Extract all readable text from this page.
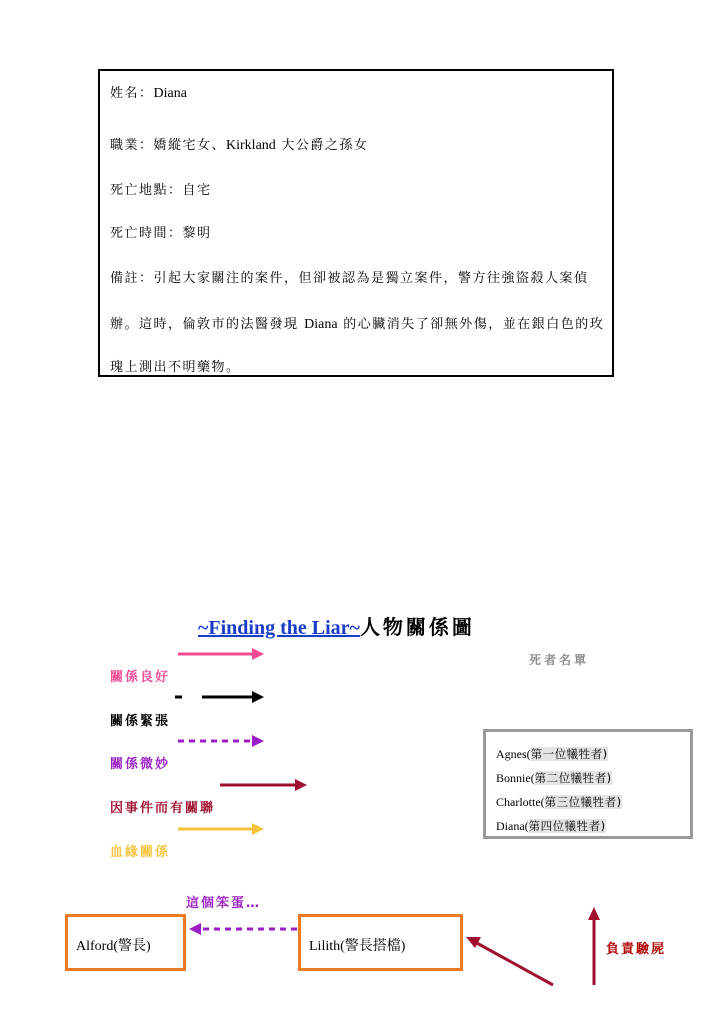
姓名：Diana
職業：嬌縱宅女、Kirkland 大公爵之孫女
死亡地點：自宅
死亡時間：黎明
備註：引起大家關注的案件，但卻被認為是獨立案件，警方往強盜殺人案偵
辦。這時，倫敦市的法醫發現 Diana 的心臟消失了卻無外傷，並在銀白色的玫
瑰上測出不明藥物。
~Finding the Liar~人物關係圖
關係良好
關係緊張
關係微妙
因事件而有關聯
血緣關係
死者名單
Agnes(第一位犧牲者)
Bonnie(第二位犧牲者)
Charlotte(第三位犧牲者)
Diana(第四位犧牲者)
這個笨蛋…
Alford(警長)	Lilith(警長搭檔)	負責驗屍
